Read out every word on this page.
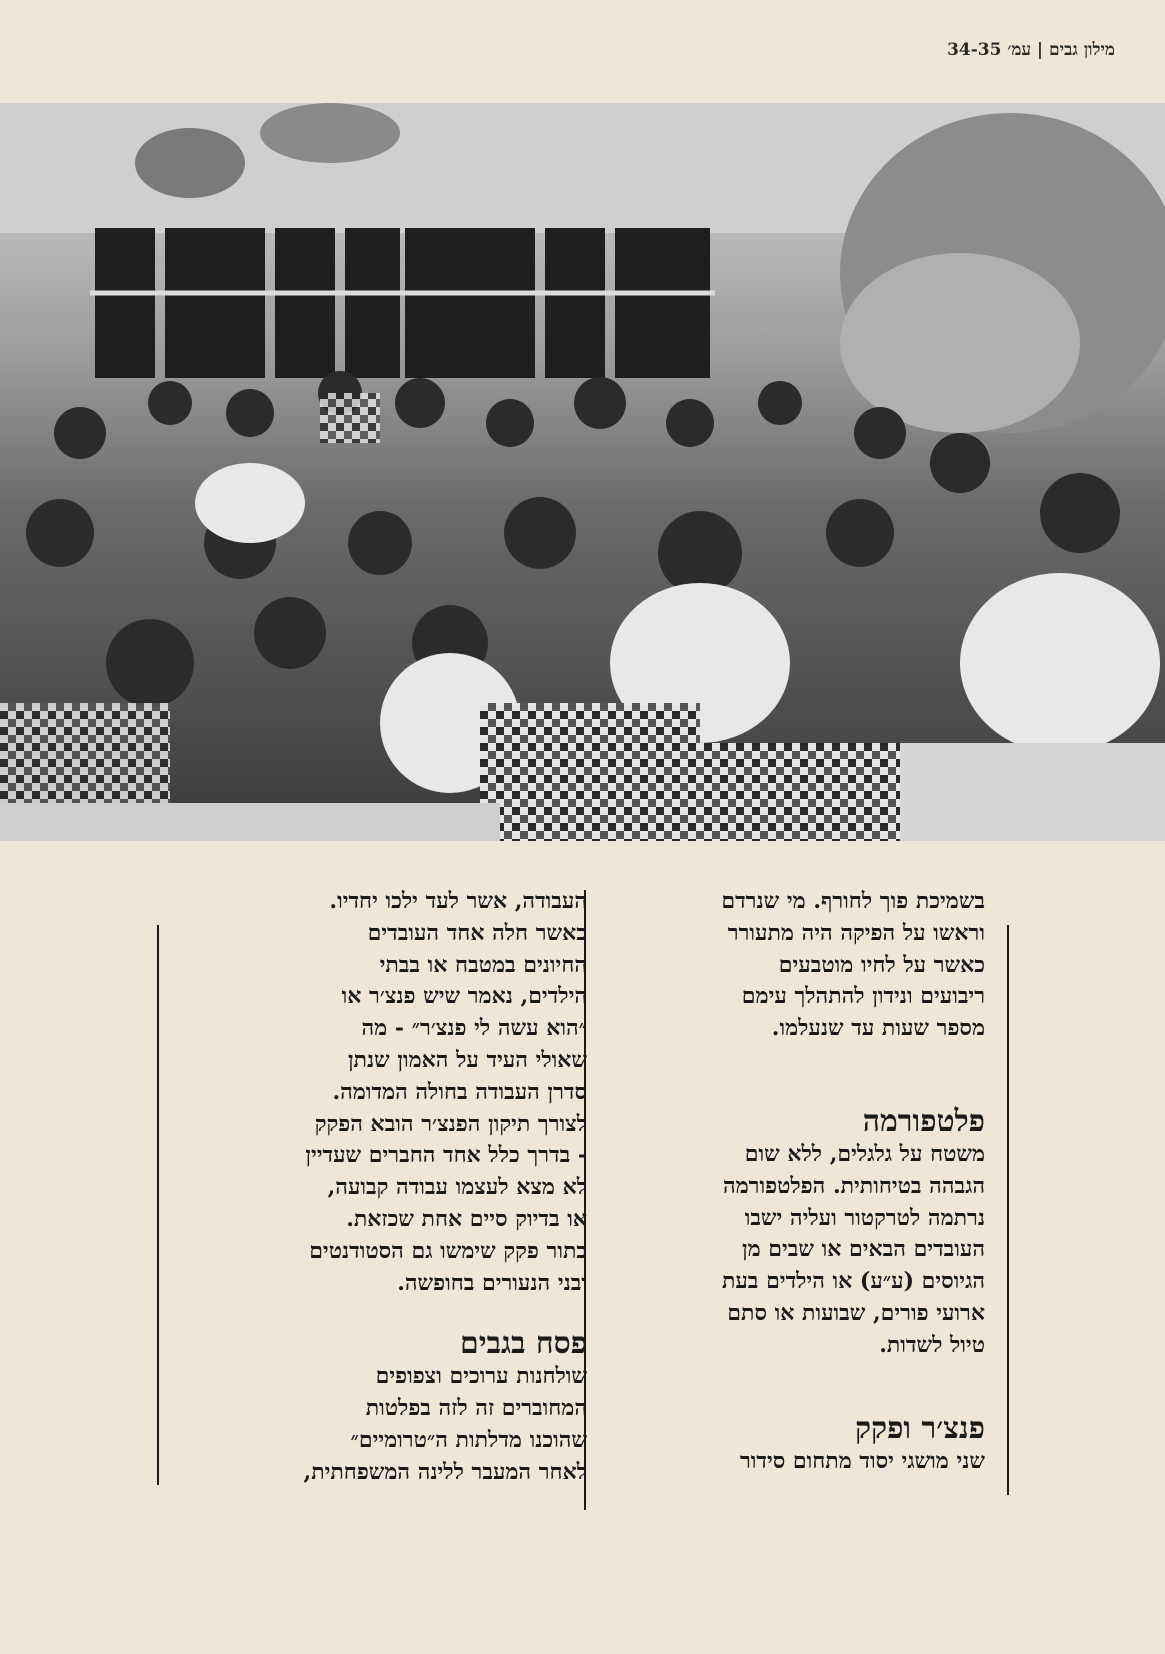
מילון גבים | עמ׳ 34-35
בשמיכת פוך לחורף. מי שנרדם
וראשו על הפיקה היה מתעורר
כאשר על לחיו מוטבעים
ריבועים ונידון להתהלך עימם
מספר שעות עד שנעלמו.
פלטפורמה
משטח על גלגלים, ללא שום
הגבהה בטיחותית. הפלטפורמה
נרתמה לטרקטור ועליה ישבו
העובדים הבאים או שבים מן
הגיוסים (ע״ע) או הילדים בעת
ארועי פורים, שבועות או סתם
טיול לשדות.
פנצ׳ר ופקק
שני מושגי יסוד מתחום סידור
העבודה, אשר לעד ילכו יחדיו.
כאשר חלה אחד העובדים
החיונים במטבח או בבתי
הילדים, נאמר שיש פנצ׳ר או
״הוא עשה לי פנצ׳ר״ - מה
שאולי העיד על האמון שנתן
סדרן העבודה בחולה המדומה.
לצורך תיקון הפנצ׳ר הובא הפקק
- בדרך כלל אחד החברים שעדיין
לא מצא לעצמו עבודה קבועה,
או בדיוק סיים אחת שכזאת.
בתור פקק שימשו גם הסטודנטים
ובני הנעורים בחופשה.
פסח בגבים
שולחנות ערוכים וצפופים
המחוברים זה לזה בפלטות
שהוכנו מדלתות ה״טרומיים״
לאחר המעבר ללינה המשפחתית,
